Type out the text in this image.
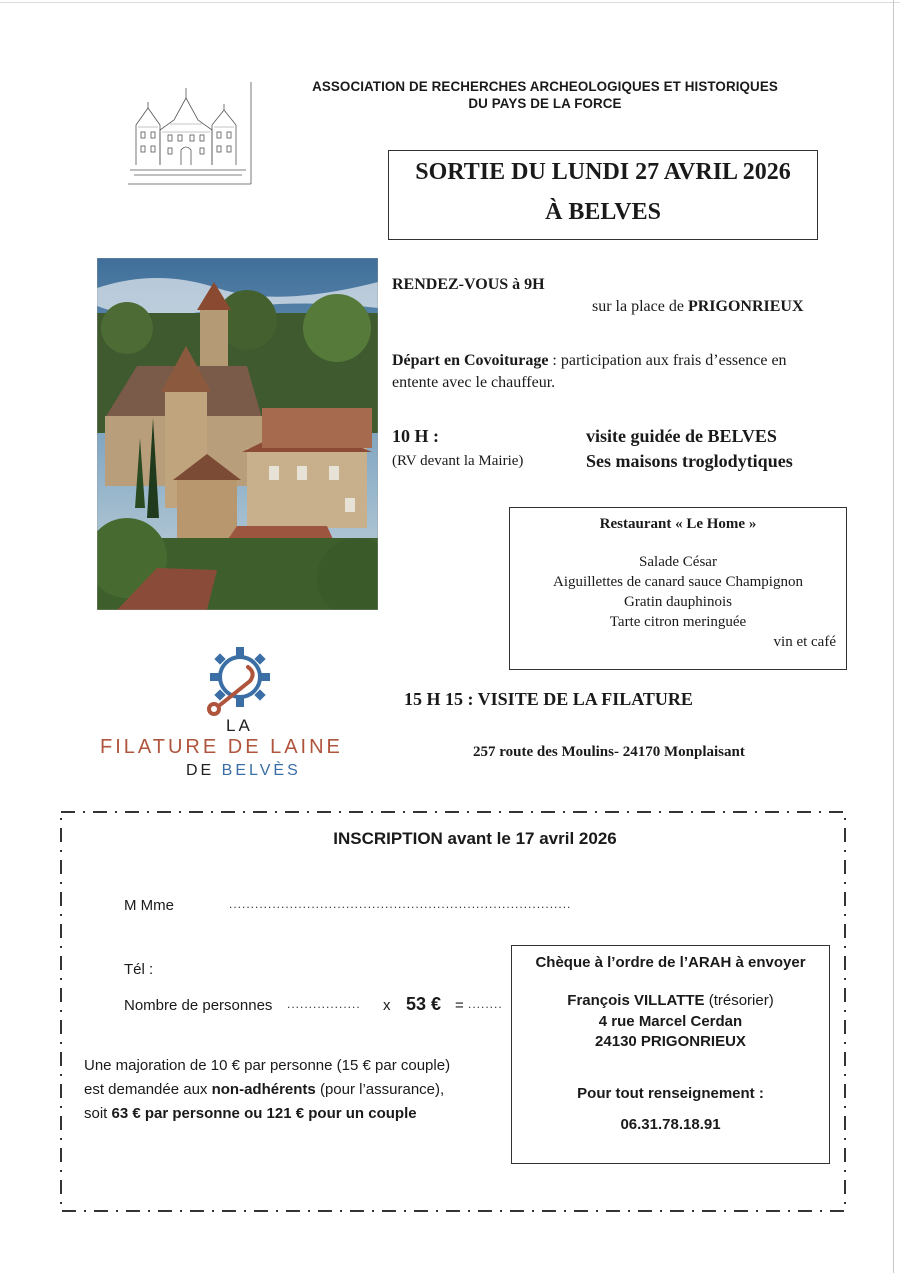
ASSOCIATION DE RECHERCHES ARCHEOLOGIQUES ET HISTORIQUES
DU PAYS DE LA FORCE
SORTIE DU LUNDI 27 AVRIL 2026
À BELVES
RENDEZ-VOUS à 9H
sur la place de PRIGONRIEUX
Départ en Covoiturage : participation aux frais d’essence en
entente avec le chauffeur.
10 H :
(RV devant la Mairie)
visite guidée de BELVES
Ses maisons troglodytiques
Restaurant « Le Home »
Salade César
Aiguillettes de canard sauce Champignon
Gratin dauphinois
Tarte citron meringuée
vin et café
LA
FILATURE DE LAINE
DE BELVÈS
15 H 15 : VISITE DE LA FILATURE
257 route des Moulins- 24170 Monplaisant
INSCRIPTION avant le 17 avril 2026
M Mme	...............................................................................
Tél :
Nombre de personnes ................. x 53 € = ........
Une majoration de 10 € par personne (15 € par couple)
est demandée aux non-adhérents (pour l’assurance),
soit 63 € par personne ou 121 € pour un couple
Chèque à l’ordre de l’ARAH à envoyer
François VILLATTE (trésorier)
4 rue Marcel Cerdan
24130 PRIGONRIEUX
Pour tout renseignement :
06.31.78.18.91
